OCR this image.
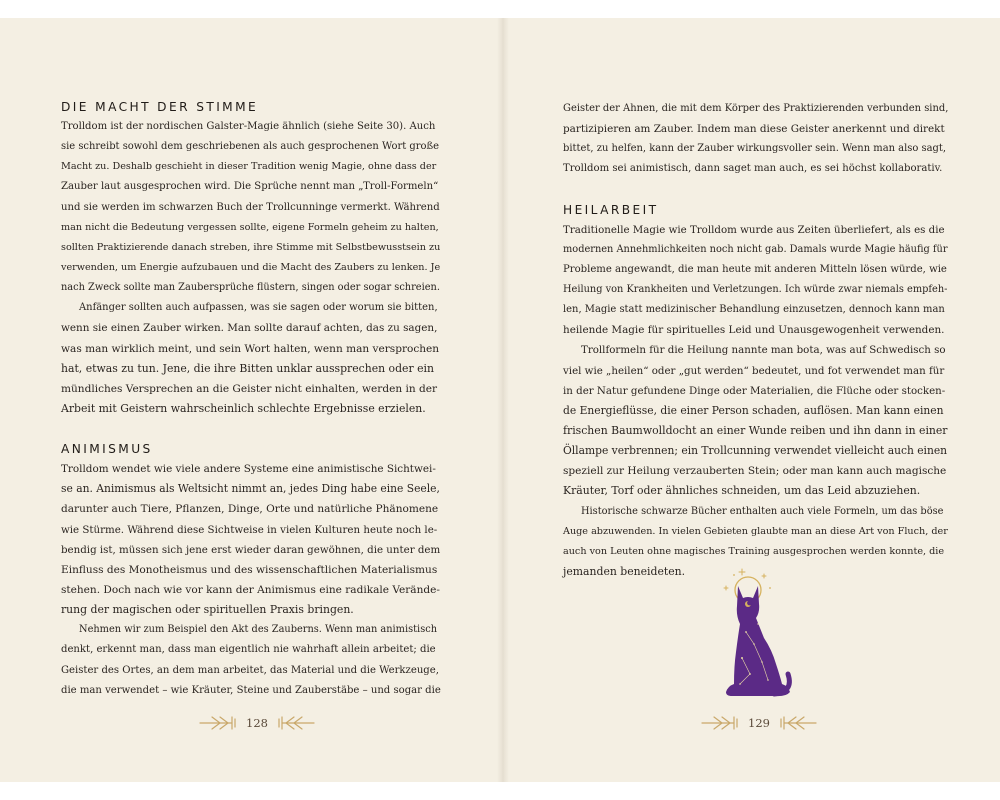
DIE MACHT DER STIMME
Trolldom ist der nordischen Galster-Magie ähnlich (siehe Seite 30). Auch
sie schreibt sowohl dem geschriebenen als auch gesprochenen Wort große
Macht zu. Deshalb geschieht in dieser Tradition wenig Magie, ohne dass der
Zauber laut ausgesprochen wird. Die Sprüche nennt man „Troll-Formeln“
und sie werden im schwarzen Buch der Trollcunninge vermerkt. Während
man nicht die Bedeutung vergessen sollte, eigene Formeln geheim zu halten,
sollten Praktizierende danach streben, ihre Stimme mit Selbstbewusstsein zu
verwenden, um Energie aufzubauen und die Macht des Zaubers zu lenken. Je
nach Zweck sollte man Zaubersprüche flüstern, singen oder sogar schreien.
Anfänger sollten auch aufpassen, was sie sagen oder worum sie bitten,
wenn sie einen Zauber wirken. Man sollte darauf achten, das zu sagen,
was man wirklich meint, und sein Wort halten, wenn man versprochen
hat, etwas zu tun. Jene, die ihre Bitten unklar aussprechen oder ein
mündliches Versprechen an die Geister nicht einhalten, werden in der
Arbeit mit Geistern wahrscheinlich schlechte Ergebnisse erzielen.
ANIMISMUS
Trolldom wendet wie viele andere Systeme eine animistische Sichtwei-
se an. Animismus als Weltsicht nimmt an, jedes Ding habe eine Seele,
darunter auch Tiere, Pflanzen, Dinge, Orte und natürliche Phänomene
wie Stürme. Während diese Sichtweise in vielen Kulturen heute noch le-
bendig ist, müssen sich jene erst wieder daran gewöhnen, die unter dem
Einfluss des Monotheismus und des wissenschaftlichen Materialismus
stehen. Doch nach wie vor kann der Animismus eine radikale Verände-
rung der magischen oder spirituellen Praxis bringen.
Nehmen wir zum Beispiel den Akt des Zauberns. Wenn man animistisch
denkt, erkennt man, dass man eigentlich nie wahrhaft allein arbeitet; die
Geister des Ortes, an dem man arbeitet, das Material und die Werkzeuge,
die man verwendet – wie Kräuter, Steine und Zauberstäbe – und sogar die
128
Geister der Ahnen, die mit dem Körper des Praktizierenden verbunden sind,
partizipieren am Zauber. Indem man diese Geister anerkennt und direkt
bittet, zu helfen, kann der Zauber wirkungsvoller sein. Wenn man also sagt,
Trolldom sei animistisch, dann saget man auch, es sei höchst kollaborativ.
HEILARBEIT
Traditionelle Magie wie Trolldom wurde aus Zeiten überliefert, als es die
modernen Annehmlichkeiten noch nicht gab. Damals wurde Magie häufig für
Probleme angewandt, die man heute mit anderen Mitteln lösen würde, wie
Heilung von Krankheiten und Verletzungen. Ich würde zwar niemals empfeh-
len, Magie statt medizinischer Behandlung einzusetzen, dennoch kann man
heilende Magie für spirituelles Leid und Unausgewogenheit verwenden.
Trollformeln für die Heilung nannte man bota, was auf Schwedisch so
viel wie „heilen“ oder „gut werden“ bedeutet, und fot verwendet man für
in der Natur gefundene Dinge oder Materialien, die Flüche oder stocken-
de Energieflüsse, die einer Person schaden, auflösen. Man kann einen
frischen Baumwolldocht an einer Wunde reiben und ihn dann in einer
Öllampe verbrennen; ein Trollcunning verwendet vielleicht auch einen
speziell zur Heilung verzauberten Stein; oder man kann auch magische
Kräuter, Torf oder ähnliches schneiden, um das Leid abzuziehen.
Historische schwarze Bücher enthalten auch viele Formeln, um das böse
Auge abzuwenden. In vielen Gebieten glaubte man an diese Art von Fluch, der
auch von Leuten ohne magisches Training ausgesprochen werden konnte, die
jemanden beneideten.
129
